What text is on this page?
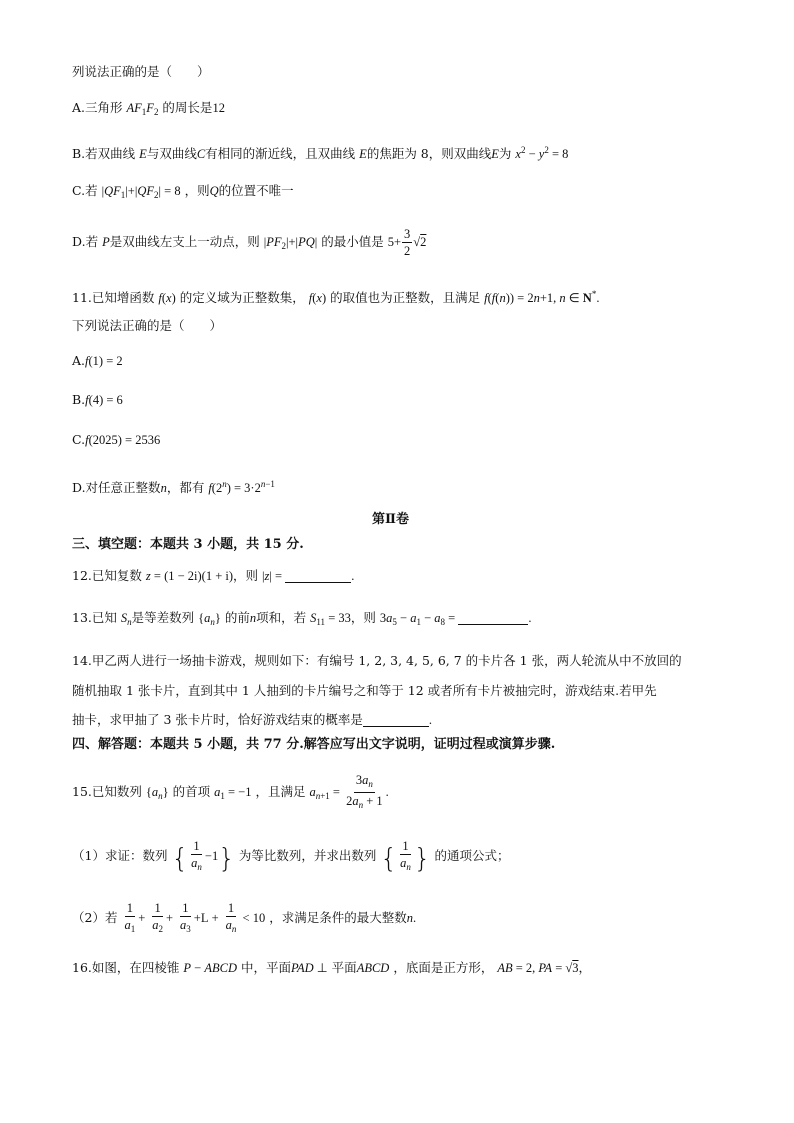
列说法正确的是（　　）
A.三角形 $AF_1F_2$ 的周长是12
B.若双曲线 E与双曲线C有相同的渐近线，且双曲线 E的焦距为 8，则双曲线E为 $x^2 - y^2 = 8$
C.若 $|QF_1|+|QF_2| = 8$ ，则Q的位置不唯一
D.若 P是双曲线左支上一动点，则 $|PF_2|+|PQ|$ 的最小值是 $5+ \frac{3}{2} √2$
11.已知增函数 f(x) 的定义域为正整数集， f(x) 的取值也为正整数，且满足 f(f(n)) = 2n+1, n ∈ N*.
下列说法正确的是（　　）
A.f(1) = 2
B.f(4) = 6
C.f(2025) = 2536
D.对任意正整数n，都有 $f(2^n) = 3\cdot 2^{n-1}$
第Ⅱ卷
三、填空题：本题共 3 小题，共 15 分.
12.已知复数 z = (1 − 2i)(1 + i)，则 |z| =	.
13.已知 $S_n$是等差数列 $\{a_n\}$ 的前n项和，若 $S_{11} = 33$，则 $3a_5 - a_1 - a_8$ =	.
14.甲乙两人进行一场抽卡游戏，规则如下：有编号 1, 2, 3, 4, 5, 6, 7 的卡片各 1 张，两人轮流从中不放回的
随机抽取 1 张卡片，直到其中 1 人抽到的卡片编号之和等于 12 或者所有卡片被抽完时，游戏结束.若甲先
抽卡，求甲抽了 3 张卡片时，恰好游戏结束的概率是	.
四、解答题：本题共 5 小题，共 77 分.解答应写出文字说明，证明过程或演算步骤.
15.已知数列 $\{a_n\}$ 的首项 $a_1 = -1$ ，且满足 $a_{n+1} = \frac{3a_n}{2a_n + 1}$ .
（1）求证：数列 { $\frac{1}{a_n} -1$} 为等比数列，并求出数列 { $\frac{1}{a_n}$ } 的通项公式；
（2）若 $\frac{1}{a_1} + \frac{1}{a_2} + \frac{1}{a_3} +L + \frac{1}{a_n} < 10$ ，求满足条件的最大整数n.
16.如图，在四棱锥 P − ABCD 中，平面PAD ⊥ 平面ABCD ，底面是正方形， AB = 2, PA = √3，
